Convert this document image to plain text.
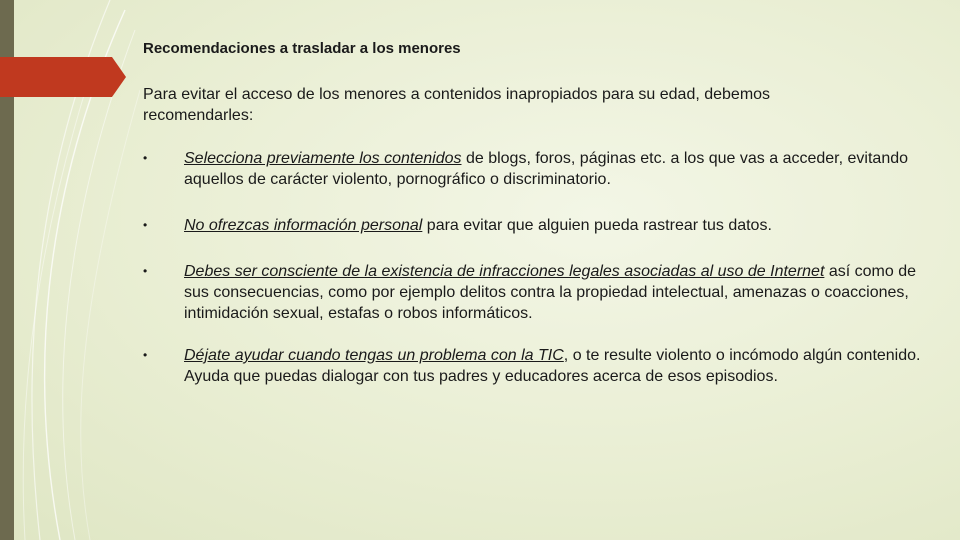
Recomendaciones a trasladar a los menores

Para evitar el acceso de los menores a contenidos inapropiados para su edad, debemos recomendarles:

• Selecciona previamente los contenidos de blogs, foros, páginas etc. a los que vas a acceder, evitando aquellos de carácter violento, pornográfico o discriminatorio.
• No ofrezcas información personal para evitar que alguien pueda rastrear tus datos.
• Debes ser consciente de la existencia de infracciones legales asociadas al uso de Internet así como de sus consecuencias, como por ejemplo delitos contra la propiedad intelectual, amenazas o coacciones, intimidación sexual, estafas o robos informáticos.
• Déjate ayudar cuando tengas un problema con la TIC, o te resulte violento o incómodo algún contenido. Ayuda que puedas dialogar con tus padres y educadores acerca de esos episodios.
